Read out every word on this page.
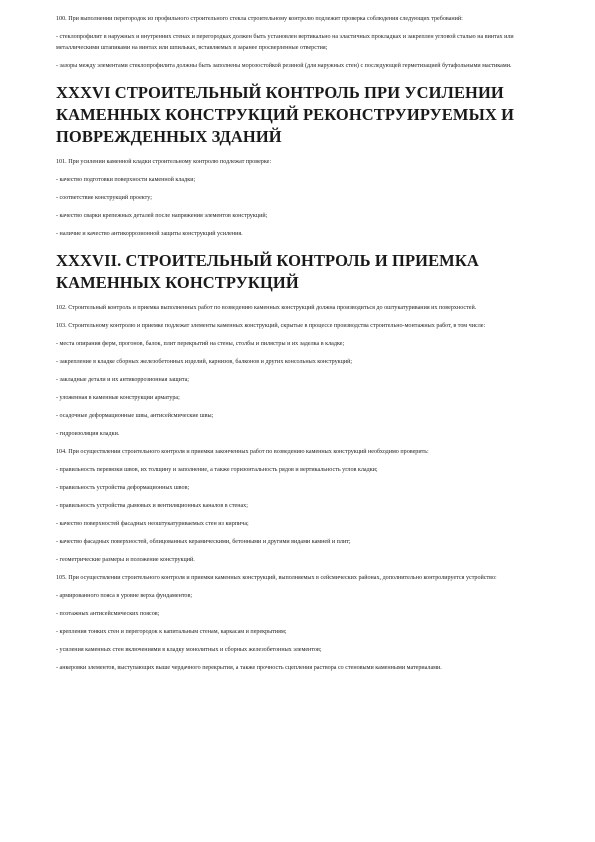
100. При выполнении перегородок из профильного строительного стекла строительному контролю подлежит проверка соблюдения следующих требований:

- стеклопрофилит в наружных и внутренних стенах и перегородках должен быть установлен вертикально на эластичных прокладках и закреплен угловой сталью на винтах или металлическими штапиками на винтах или шпильках, вставляемых в заранее просверленные отверстия;

- зазоры между элементами стеклопрофилита должны быть заполнены морозостойкой резиной (для наружных стен) с последующей герметизацией бутафольными мастиками.

XXXVI СТРОИТЕЛЬНЫЙ КОНТРОЛЬ ПРИ УСИЛЕНИИ КАМЕННЫХ КОНСТРУКЦИЙ РЕКОНСТРУИРУЕМЫХ И ПОВРЕЖДЕННЫХ ЗДАНИЙ

101. При усилении каменной кладки строительному контролю подлежат проверке:

- качество подготовки поверхности каменной кладки;

- соответствие конструкций проекту;

- качество сварки крепежных деталей после напряжения элементов конструкций;

- наличие и качество антикоррозионной защиты конструкций усиления.

XXXVII. СТРОИТЕЛЬНЫЙ КОНТРОЛЬ И ПРИЕМКА КАМЕННЫХ КОНСТРУКЦИЙ

102. Строительный контроль и приемка выполненных работ по возведению каменных конструкций должна производиться до оштукатуривания их поверхностей.

103. Строительному контролю и приемке подлежат элементы каменных конструкций, скрытые в процессе производства строительно-монтажных работ, в том числе:

- места опирания ферм, прогонов, балок, плит перекрытий на стены, столбы и пилястры и их заделка в кладке;

- закрепление в кладке сборных железобетонных изделий, карнизов, балконов и других консольных конструкций;

- закладные детали и их антикоррозионная защита;

- уложенная в каменные конструкции арматура;

- осадочные деформационные швы, антисейсмические швы;

- гидроизоляция кладки.

104. При осуществлении строительного контроля и приемки законченных работ по возведению каменных конструкций необходимо проверить:

- правильность перевязки швов, их толщину и заполнение, а также горизонтальность рядов и вертикальность углов кладки;

- правильность устройства деформационных швов;

- правильность устройства дымовых и вентиляционных каналов в стенах;

- качество поверхностей фасадных неоштукатуриваемых стен из кирпича;

- качество фасадных поверхностей, облицованных керамическими, бетонными и другими видами камней и плит;

- геометрические размеры и положение конструкций.

105. При осуществлении строительного контроля и приемки каменных конструкций, выполняемых в сейсмических районах, дополнительно контролируется устройство:

- армированного пояса в уровне верха фундаментов;

- поэтажных антисейсмических поясов;

- крепления тонких стен и перегородок к капитальным стенам, каркасам и перекрытиям;

- усиления каменных стен включениями в кладку монолитных и сборных железобетонных элементов;

- анкеровки элементов, выступающих выше чердачного перекрытия, а также прочность сцепления раствора со стеновыми каменными материалами.
